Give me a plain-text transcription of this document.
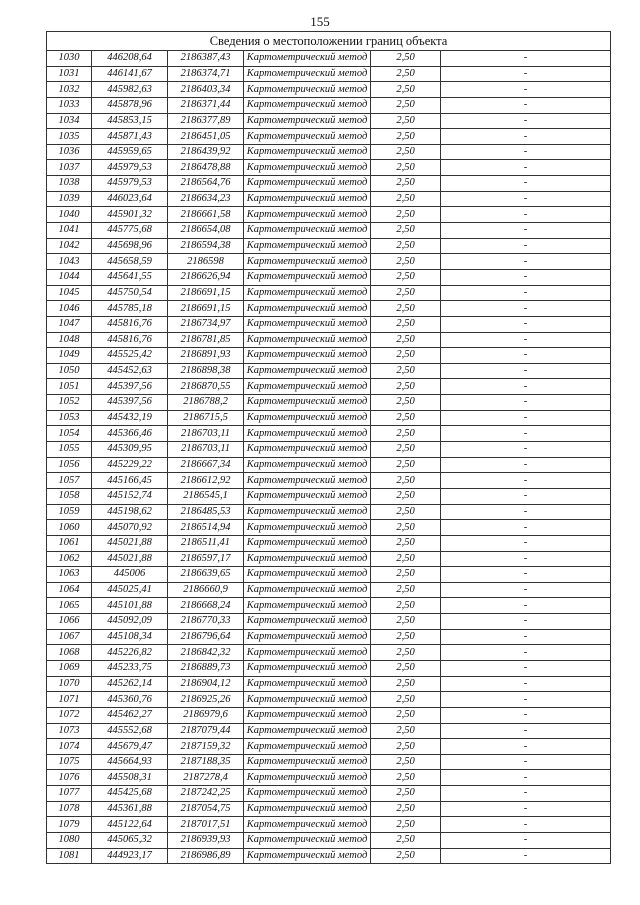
155
Сведения о местоположении границ объекта					
1030	446208,64	2186387,43	Картометрический метод	2,50	-
1031	446141,67	2186374,71	Картометрический метод	2,50	-
1032	445982,63	2186403,34	Картометрический метод	2,50	-
1033	445878,96	2186371,44	Картометрический метод	2,50	-
1034	445853,15	2186377,89	Картометрический метод	2,50	-
1035	445871,43	2186451,05	Картометрический метод	2,50	-
1036	445959,65	2186439,92	Картометрический метод	2,50	-
1037	445979,53	2186478,88	Картометрический метод	2,50	-
1038	445979,53	2186564,76	Картометрический метод	2,50	-
1039	446023,64	2186634,23	Картометрический метод	2,50	-
1040	445901,32	2186661,58	Картометрический метод	2,50	-
1041	445775,68	2186654,08	Картометрический метод	2,50	-
1042	445698,96	2186594,38	Картометрический метод	2,50	-
1043	445658,59	2186598	Картометрический метод	2,50	-
1044	445641,55	2186626,94	Картометрический метод	2,50	-
1045	445750,54	2186691,15	Картометрический метод	2,50	-
1046	445785,18	2186691,15	Картометрический метод	2,50	-
1047	445816,76	2186734,97	Картометрический метод	2,50	-
1048	445816,76	2186781,85	Картометрический метод	2,50	-
1049	445525,42	2186891,93	Картометрический метод	2,50	-
1050	445452,63	2186898,38	Картометрический метод	2,50	-
1051	445397,56	2186870,55	Картометрический метод	2,50	-
1052	445397,56	2186788,2	Картометрический метод	2,50	-
1053	445432,19	2186715,5	Картометрический метод	2,50	-
1054	445366,46	2186703,11	Картометрический метод	2,50	-
1055	445309,95	2186703,11	Картометрический метод	2,50	-
1056	445229,22	2186667,34	Картометрический метод	2,50	-
1057	445166,45	2186612,92	Картометрический метод	2,50	-
1058	445152,74	2186545,1	Картометрический метод	2,50	-
1059	445198,62	2186485,53	Картометрический метод	2,50	-
1060	445070,92	2186514,94	Картометрический метод	2,50	-
1061	445021,88	2186511,41	Картометрический метод	2,50	-
1062	445021,88	2186597,17	Картометрический метод	2,50	-
1063	445006	2186639,65	Картометрический метод	2,50	-
1064	445025,41	2186660,9	Картометрический метод	2,50	-
1065	445101,88	2186668,24	Картометрический метод	2,50	-
1066	445092,09	2186770,33	Картометрический метод	2,50	-
1067	445108,34	2186796,64	Картометрический метод	2,50	-
1068	445226,82	2186842,32	Картометрический метод	2,50	-
1069	445233,75	2186889,73	Картометрический метод	2,50	-
1070	445262,14	2186904,12	Картометрический метод	2,50	-
1071	445360,76	2186925,26	Картометрический метод	2,50	-
1072	445462,27	2186979,6	Картометрический метод	2,50	-
1073	445552,68	2187079,44	Картометрический метод	2,50	-
1074	445679,47	2187159,32	Картометрический метод	2,50	-
1075	445664,93	2187188,35	Картометрический метод	2,50	-
1076	445508,31	2187278,4	Картометрический метод	2,50	-
1077	445425,68	2187242,25	Картометрический метод	2,50	-
1078	445361,88	2187054,75	Картометрический метод	2,50	-
1079	445122,64	2187017,51	Картометрический метод	2,50	-
1080	445065,32	2186939,93	Картометрический метод	2,50	-
1081	444923,17	2186986,89	Картометрический метод	2,50	-
